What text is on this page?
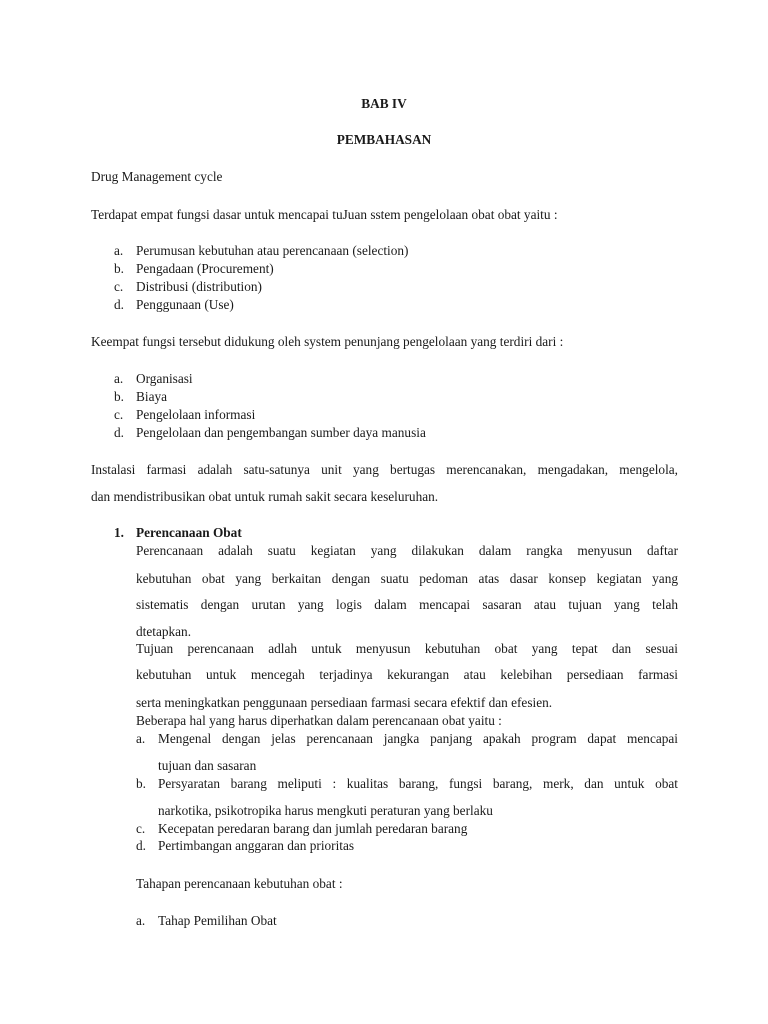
BAB IV
PEMBAHASAN
Drug Management cycle
Terdapat empat fungsi dasar untuk mencapai tuJuan sstem pengelolaan obat obat yaitu :
a. Perumusan kebutuhan atau perencanaan (selection)
b. Pengadaan (Procurement)
c. Distribusi (distribution)
d. Penggunaan (Use)
Keempat fungsi tersebut didukung oleh system penunjang pengelolaan yang terdiri dari :
a. Organisasi
b. Biaya
c. Pengelolaan informasi
d. Pengelolaan dan pengembangan sumber daya manusia
Instalasi farmasi adalah satu-satunya unit yang bertugas merencanakan, mengadakan, mengelola,
dan mendistribusikan obat untuk rumah sakit secara keseluruhan.
1. Perencanaan Obat
Perencanaan adalah suatu kegiatan yang dilakukan dalam rangka menyusun daftar
kebutuhan obat yang berkaitan dengan suatu pedoman atas dasar konsep kegiatan yang
sistematis dengan urutan yang logis dalam mencapai sasaran atau tujuan yang telah
dtetapkan.
Tujuan perencanaan adlah untuk menyusun kebutuhan obat yang tepat dan sesuai
kebutuhan untuk mencegah terjadinya kekurangan atau kelebihan persediaan farmasi
serta meningkatkan penggunaan persediaan farmasi secara efektif dan efesien.
Beberapa hal yang harus diperhatkan dalam perencanaan obat yaitu :
a. Mengenal dengan jelas perencanaan jangka panjang apakah program dapat mencapai
tujuan dan sasaran
b. Persyaratan barang meliputi : kualitas barang, fungsi barang, merk, dan untuk obat
narkotika, psikotropika harus mengkuti peraturan yang berlaku
c. Kecepatan peredaran barang dan jumlah peredaran barang
d. Pertimbangan anggaran dan prioritas
Tahapan perencanaan kebutuhan obat :
a. Tahap Pemilihan Obat
